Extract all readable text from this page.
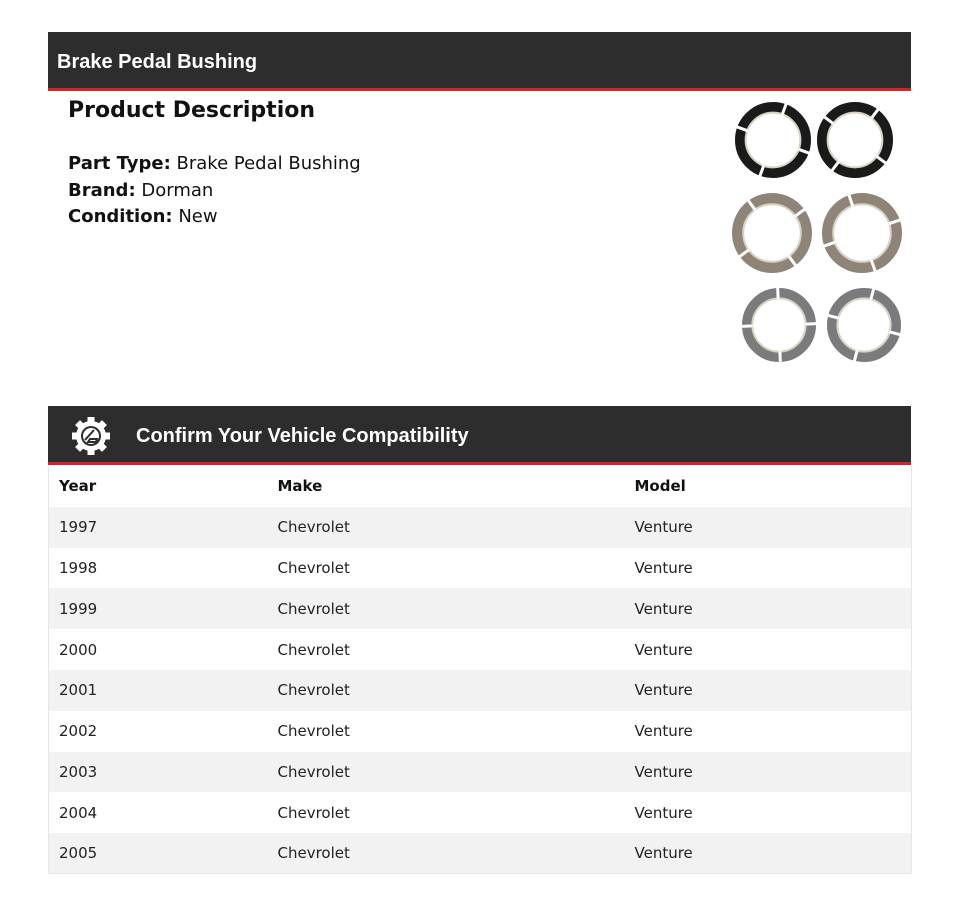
Brake Pedal Bushing
Product Description
Part Type: Brake Pedal Bushing
Brand: Dorman
Condition: New
Confirm Your Vehicle Compatibility
Year	Make	Model
1997	Chevrolet	Venture
1998	Chevrolet	Venture
1999	Chevrolet	Venture
2000	Chevrolet	Venture
2001	Chevrolet	Venture
2002	Chevrolet	Venture
2003	Chevrolet	Venture
2004	Chevrolet	Venture
2005	Chevrolet	Venture
